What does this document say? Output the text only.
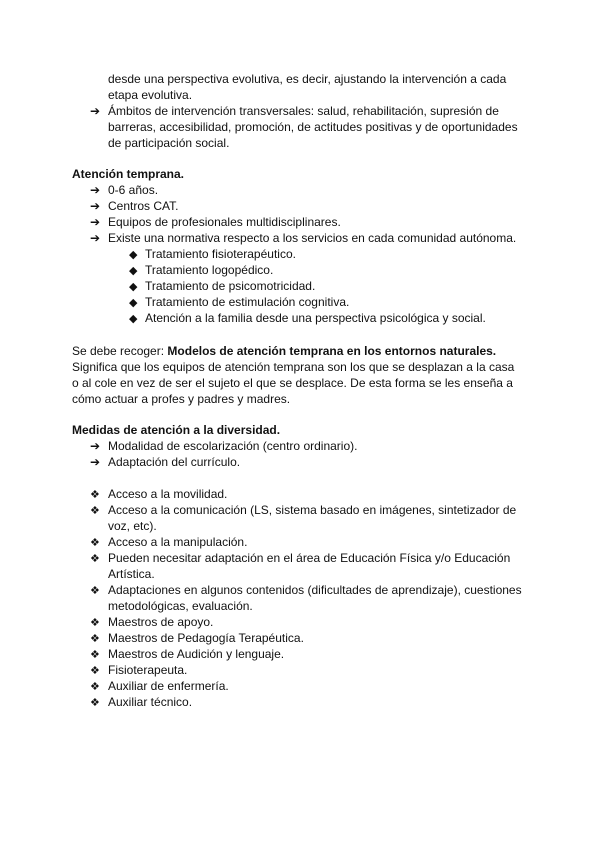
desde una perspectiva evolutiva, es decir, ajustando la intervención a cada
etapa evolutiva.
➔ Ámbitos de intervención transversales: salud, rehabilitación, supresión de
barreras, accesibilidad, promoción, de actitudes positivas y de oportunidades
de participación social.
Atención temprana.
➔ 0-6 años.
➔ Centros CAT.
➔ Equipos de profesionales multidisciplinares.
➔ Existe una normativa respecto a los servicios en cada comunidad autónoma.
◆ Tratamiento fisioterapéutico.
◆ Tratamiento logopédico.
◆ Tratamiento de psicomotricidad.
◆ Tratamiento de estimulación cognitiva.
◆ Atención a la familia desde una perspectiva psicológica y social.
Se debe recoger: Modelos de atención temprana en los entornos naturales.
Significa que los equipos de atención temprana son los que se desplazan a la casa
o al cole en vez de ser el sujeto el que se desplace. De esta forma se les enseña a
cómo actuar a profes y padres y madres.
Medidas de atención a la diversidad.
➔ Modalidad de escolarización (centro ordinario).
➔ Adaptación del currículo.
❖ Acceso a la movilidad.
❖ Acceso a la comunicación (LS, sistema basado en imágenes, sintetizador de
voz, etc).
❖ Acceso a la manipulación.
❖ Pueden necesitar adaptación en el área de Educación Física y/o Educación
Artística.
❖ Adaptaciones en algunos contenidos (dificultades de aprendizaje), cuestiones
metodológicas, evaluación.
❖ Maestros de apoyo.
❖ Maestros de Pedagogía Terapéutica.
❖ Maestros de Audición y lenguaje.
❖ Fisioterapeuta.
❖ Auxiliar de enfermería.
❖ Auxiliar técnico.
